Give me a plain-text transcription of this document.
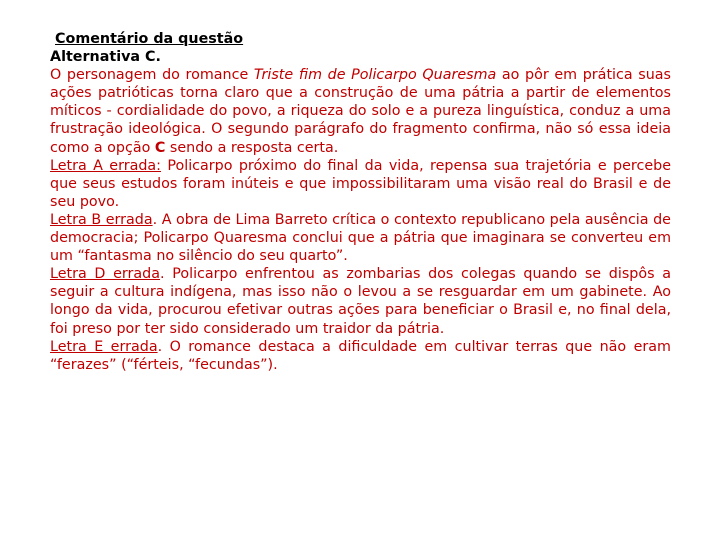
Comentário da questão

Alternativa C.

O personagem do romance Triste fim de Policarpo Quaresma ao pôr em prática suas ações patrióticas torna claro que a construção de uma pátria a partir de elementos míticos - cordialidade do povo, a riqueza do solo e a pureza linguística, conduz a uma frustração ideológica. O segundo parágrafo do fragmento confirma, não só essa ideia como a opção C sendo a resposta certa.

Letra A errada: Policarpo próximo do final da vida, repensa sua trajetória e percebe que seus estudos foram inúteis e que impossibilitaram uma visão real do Brasil e de seu povo.

Letra B errada. A obra de Lima Barreto crítica o contexto republicano pela ausência de democracia; Policarpo Quaresma conclui que a pátria que imaginara se converteu em um “fantasma no silêncio do seu quarto”.

Letra D errada. Policarpo enfrentou as zombarias dos colegas quando se dispôs a seguir a cultura indígena, mas isso não o levou a se resguardar em um gabinete. Ao longo da vida, procurou efetivar outras ações para beneficiar o Brasil e, no final dela, foi preso por ter sido considerado um traidor da pátria.

Letra E errada. O romance destaca a dificuldade em cultivar terras que não eram “ferazes” (“férteis, “fecundas”).
